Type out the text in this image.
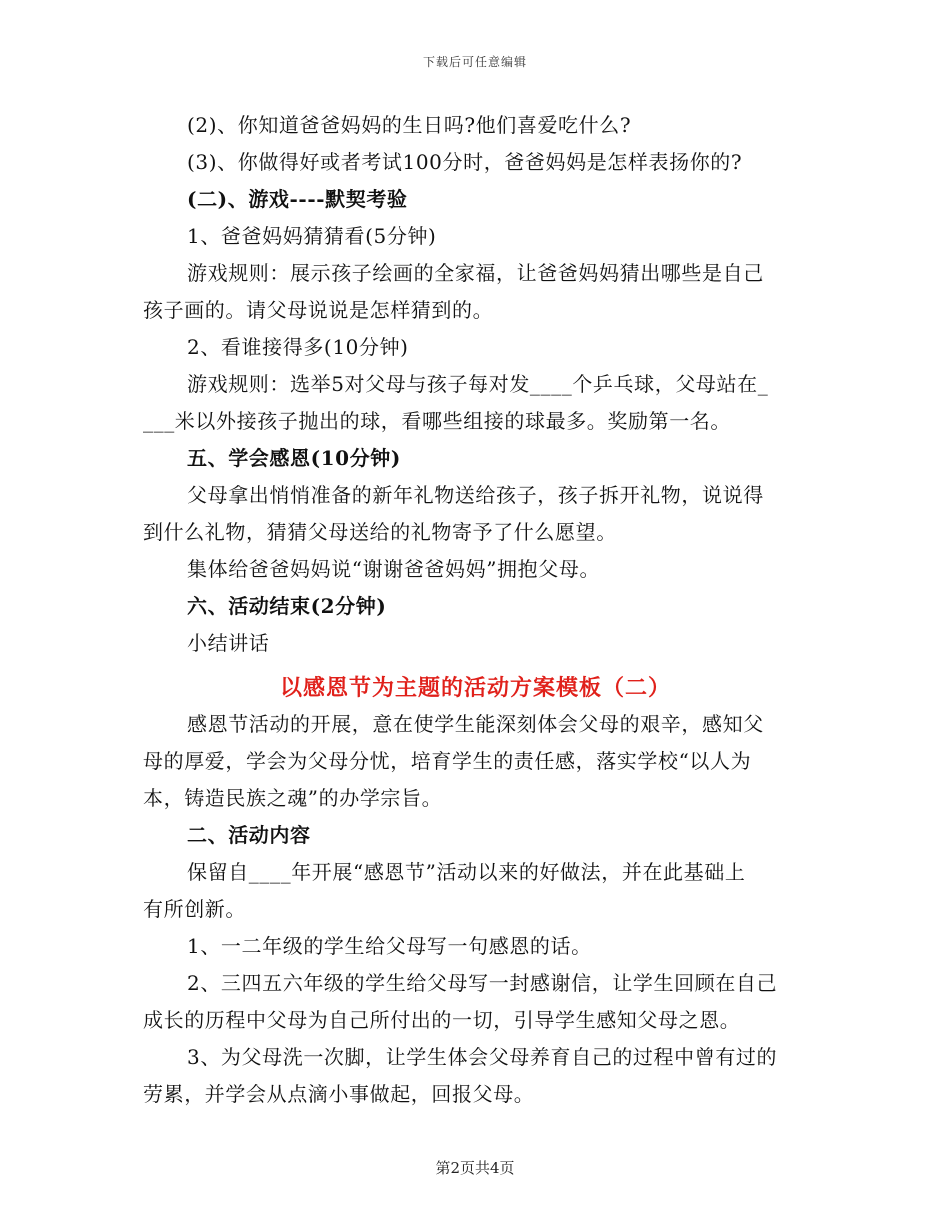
下载后可任意编辑

(2)、你知道爸爸妈妈的生日吗?他们喜爱吃什么?

(3)、你做得好或者考试100分时，爸爸妈妈是怎样表扬你的?

(二)、游戏----默契考验

1、爸爸妈妈猜猜看(5分钟)

游戏规则：展示孩子绘画的全家福，让爸爸妈妈猜出哪些是自己

孩子画的。请父母说说是怎样猜到的。

2、看谁接得多(10分钟)

游戏规则：选举5对父母与孩子每对发____个乒乓球，父母站在_

___米以外接孩子抛出的球，看哪些组接的球最多。奖励第一名。

五、学会感恩(10分钟)

父母拿出悄悄准备的新年礼物送给孩子，孩子拆开礼物，说说得

到什么礼物，猜猜父母送给的礼物寄予了什么愿望。

集体给爸爸妈妈说“谢谢爸爸妈妈”拥抱父母。

六、活动结束(2分钟)

小结讲话

以感恩节为主题的活动方案模板（二）

感恩节活动的开展，意在使学生能深刻体会父母的艰辛，感知父

母的厚爱，学会为父母分忧，培育学生的责任感，落实学校“以人为

本，铸造民族之魂”的办学宗旨。

二、活动内容

保留自____年开展“感恩节”活动以来的好做法，并在此基础上

有所创新。

1、一二年级的学生给父母写一句感恩的话。

2、三四五六年级的学生给父母写一封感谢信，让学生回顾在自己

成长的历程中父母为自己所付出的一切，引导学生感知父母之恩。

3、为父母洗一次脚，让学生体会父母养育自己的过程中曾有过的

劳累，并学会从点滴小事做起，回报父母。

第2页共4页
